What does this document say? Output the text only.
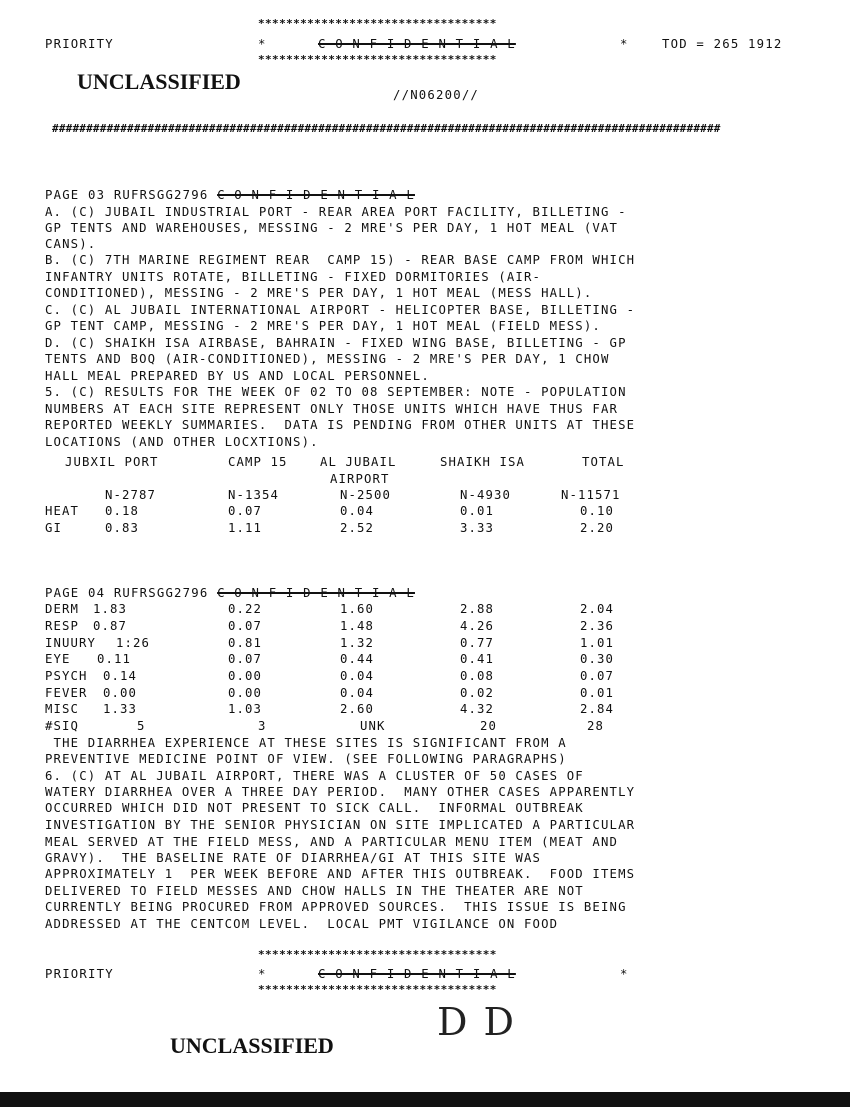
**********************************
PRIORITY	*	C O N F I D E N T I A L	*	TOD = 265 1912
**********************************
UNCLASSIFIED
//N06200//
##################################################################################################
PAGE 03 RUFRSGG2796 C O N F I D E N T I A L
A. (C) JUBAIL INDUSTRIAL PORT - REAR AREA PORT FACILITY, BILLETING -
GP TENTS AND WAREHOUSES, MESSING - 2 MRE'S PER DAY, 1 HOT MEAL (VAT
CANS).
B. (C) 7TH MARINE REGIMENT REAR  CAMP 15) - REAR BASE CAMP FROM WHICH
INFANTRY UNITS ROTATE, BILLETING - FIXED DORMITORIES (AIR-
CONDITIONED), MESSING - 2 MRE'S PER DAY, 1 HOT MEAL (MESS HALL).
C. (C) AL JUBAIL INTERNATIONAL AIRPORT - HELICOPTER BASE, BILLETING -
GP TENT CAMP, MESSING - 2 MRE'S PER DAY, 1 HOT MEAL (FIELD MESS).
D. (C) SHAIKH ISA AIRBASE, BAHRAIN - FIXED WING BASE, BILLETING - GP
TENTS AND BOQ (AIR-CONDITIONED), MESSING - 2 MRE'S PER DAY, 1 CHOW
HALL MEAL PREPARED BY US AND LOCAL PERSONNEL.
5. (C) RESULTS FOR THE WEEK OF 02 TO 08 SEPTEMBER: NOTE - POPULATION
NUMBERS AT EACH SITE REPRESENT ONLY THOSE UNITS WHICH HAVE THUS FAR
REPORTED WEEKLY SUMMARIES.  DATA IS PENDING FROM OTHER UNITS AT THESE
LOCATIONS (AND OTHER LOCXTIONS).
JUBXIL PORT	CAMP 15	AL JUBAIL	SHAIKH ISA	TOTAL
AIRPORT
N-2787	N-1354	N-2500	N-4930	N-11571
HEAT 0.18	0.07	0.04	0.01	0.10
GI	0.83	1.11	2.52	3.33	2.20
PAGE 04 RUFRSGG2796 C O N F I D E N T I A L
DERM 1.83	0.22	1.60	2.88	2.04
RESP 0.87	0.07	1.48	4.26	2.36
INUURY 1:26	0.81	1.32	0.77	1.01
EYE 0.11	0.07	0.44	0.41	0.30
PSYCH 0.14	0.00	0.04	0.08	0.07
FEVER 0.00	0.00	0.04	0.02	0.01
MISC 1.33	1.03	2.60	4.32	2.84
#SIQ	5	3	UNK	20	28
THE DIARRHEA EXPERIENCE AT THESE SITES IS SIGNIFICANT FROM A
PREVENTIVE MEDICINE POINT OF VIEW. (SEE FOLLOWING PARAGRAPHS)
6. (C) AT AL JUBAIL AIRPORT, THERE WAS A CLUSTER OF 50 CASES OF
WATERY DIARRHEA OVER A THREE DAY PERIOD.  MANY OTHER CASES APPARENTLY
OCCURRED WHICH DID NOT PRESENT TO SICK CALL.  INFORMAL OUTBREAK
INVESTIGATION BY THE SENIOR PHYSICIAN ON SITE IMPLICATED A PARTICULAR
MEAL SERVED AT THE FIELD MESS, AND A PARTICULAR MENU ITEM (MEAT AND
GRAVY).  THE BASELINE RATE OF DIARRHEA/GI AT THIS SITE WAS
APPROXIMATELY 1  PER WEEK BEFORE AND AFTER THIS OUTBREAK.  FOOD ITEMS
DELIVERED TO FIELD MESSES AND CHOW HALLS IN THE THEATER ARE NOT
CURRENTLY BEING PROCURED FROM APPROVED SOURCES.  THIS ISSUE IS BEING
ADDRESSED AT THE CENTCOM LEVEL.  LOCAL PMT VIGILANCE ON FOOD
**********************************
PRIORITY	*	C O N F I D E N T I A L	*
**********************************
D D
UNCLASSIFIED
